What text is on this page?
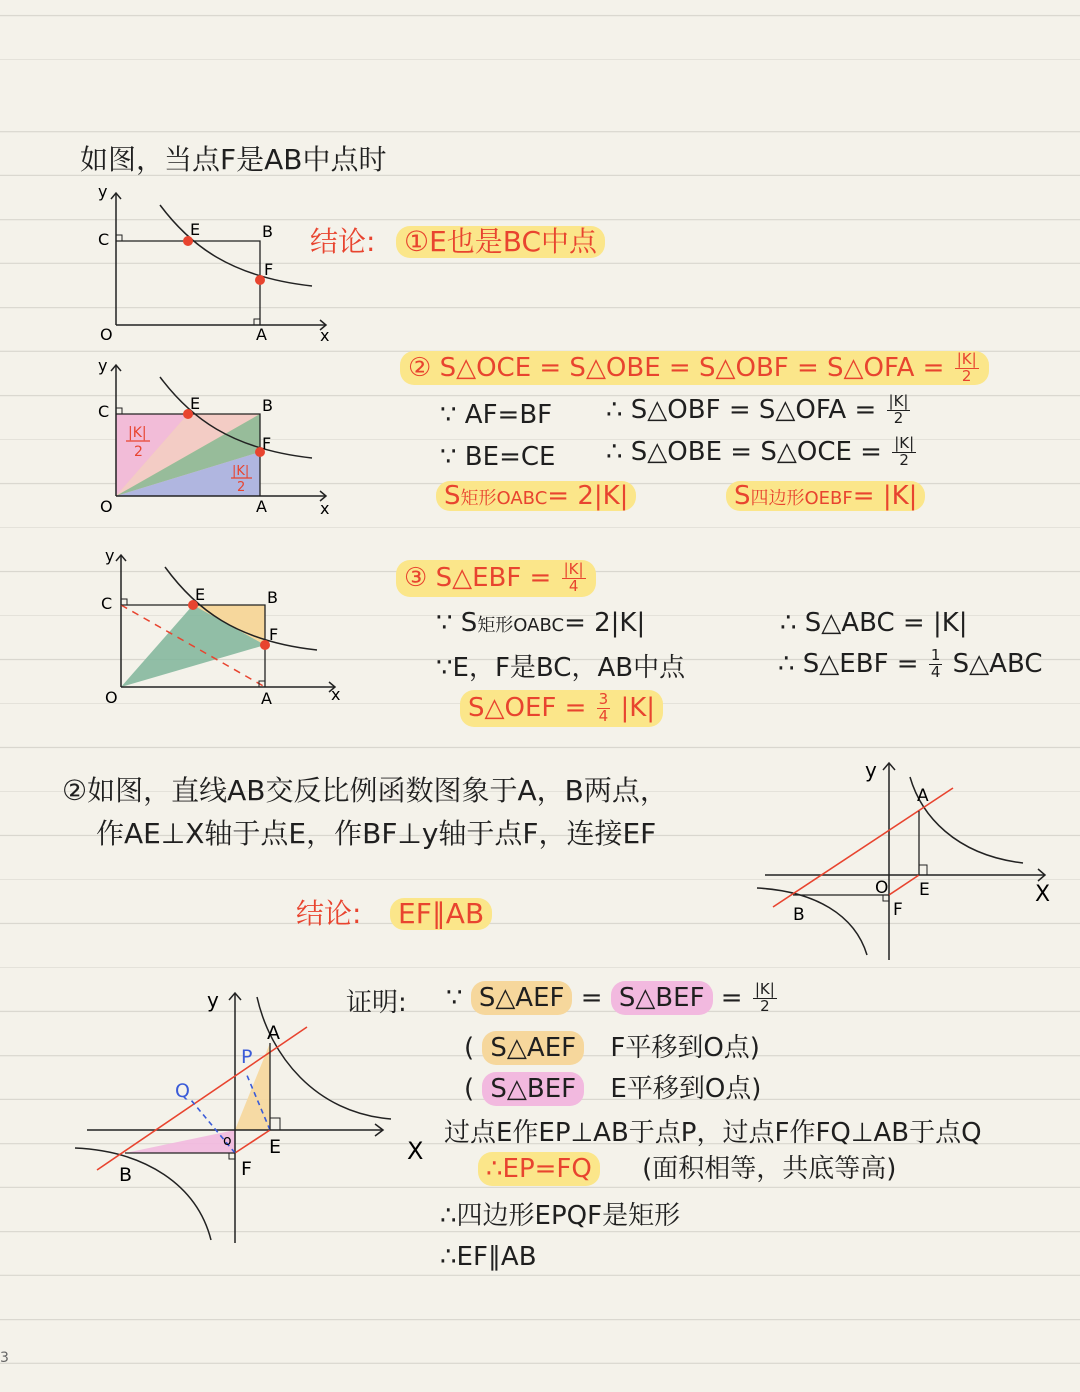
如图，当点F是AB中点时
y
C
E	B
F
O	A	x
结论: ①E也是BC中点
y
C	E	B
F
O	A	x
|K|
2
|K|
2
② S△OCE = S△OBE = S△OBF = S△OFA = $\frac{|K|}{2}$
∵ AF=BF ∴ S△OBF = S△OFA = $\frac{|K|}{2}$
∵ BE=CE ∴ S△OBE = S△OCE = $\frac{|K|}{2}$
S矩形OABC= 2|K|	S四边形OEBF= |K|
y
C	E	B
F
O	A	x
③ S△EBF = $\frac{|K|}{4}$
∵ S矩形OABC= 2|K|	∴ S△ABC = |K|
∵E，F是BC，AB中点	∴ S△EBF = $\frac{1}{4}$ S△ABC
S△OEF = $\frac{3}{4} |K|$
②如图，直线AB交反比例函数图象于A，B两点，
作AE⊥X轴于点E，作BF⊥y轴于点F，连接EF
结论: EF∥AB
y
A
O E
F
B
X
y
A
P
Q
o E
F
B
X
证明: ∵ S△AEF = S△BEF = $\frac{|K|}{2}$
( S△AEF F平移到O点)
( S△BEF E平移到O点)
过点E作EP⊥AB于点P，过点F作FQ⊥AB于点Q
∴EP=FQ (面积相等，共底等高)
∴四边形EPQF是矩形
∴EF∥AB
3
